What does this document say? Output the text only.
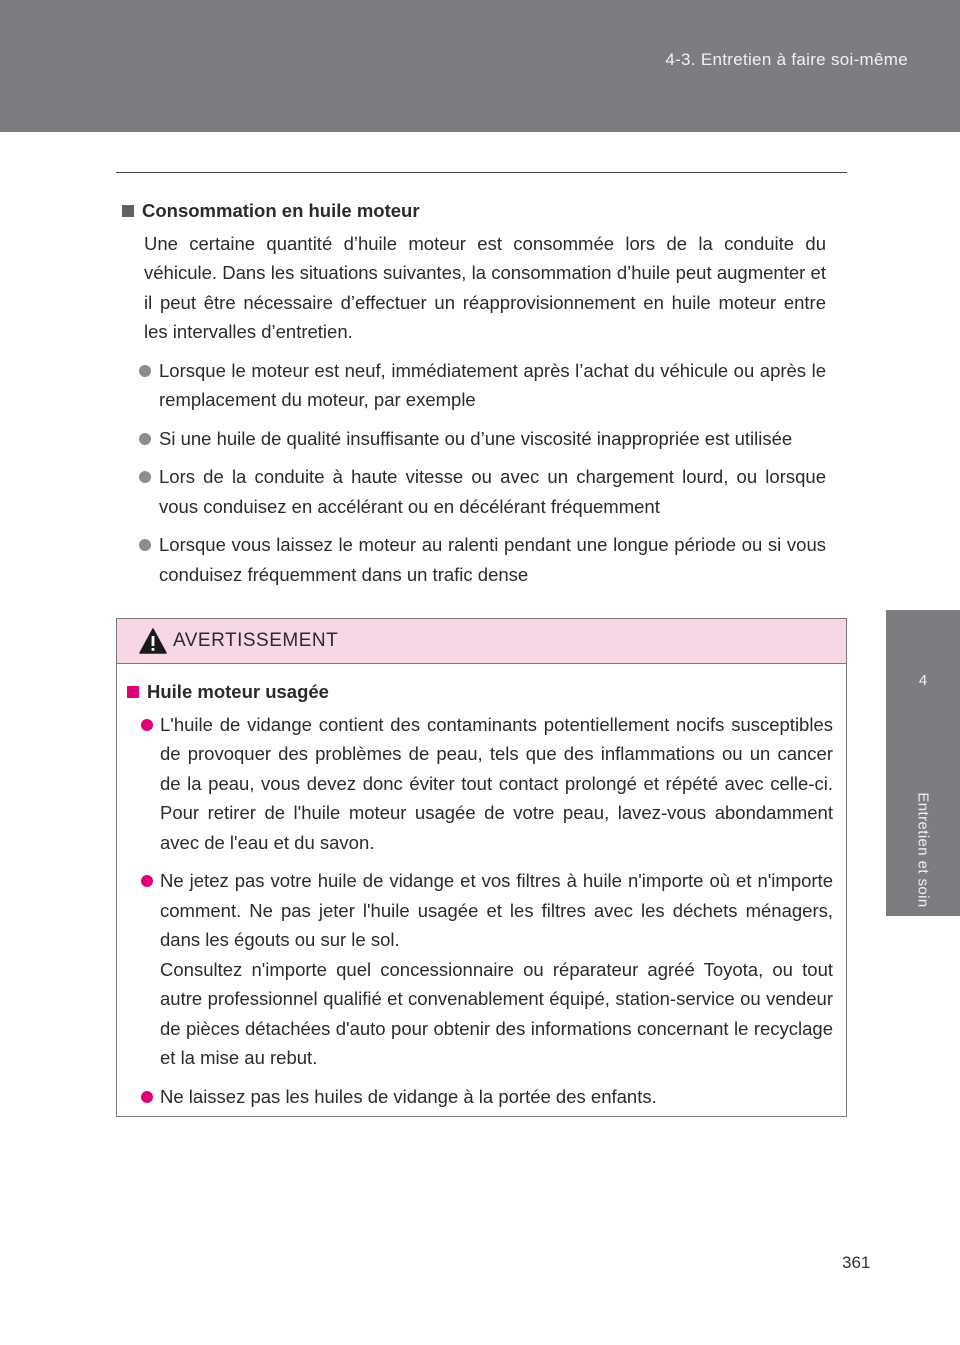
4-3. Entretien à faire soi-même
4
Entretien et soin
Consommation en huile moteur
Une certaine quantité d’huile moteur est consommée lors de la conduite du véhicule. Dans les situations suivantes, la consommation d’huile peut augmenter et il peut être nécessaire d’effectuer un réapprovisionnement en huile moteur entre les intervalles d’entretien.
Lorsque le moteur est neuf, immédiatement après l’achat du véhicule ou après le remplacement du moteur, par exemple
Si une huile de qualité insuffisante ou d’une viscosité inappropriée est utilisée
Lors de la conduite à haute vitesse ou avec un chargement lourd, ou lorsque vous conduisez en accélérant ou en décélérant fréquemment
Lorsque vous laissez le moteur au ralenti pendant une longue période ou si vous conduisez fréquemment dans un trafic dense
AVERTISSEMENT
Huile moteur usagée
L'huile de vidange contient des contaminants potentiellement nocifs susceptibles de provoquer des problèmes de peau, tels que des inflammations ou un cancer de la peau, vous devez donc éviter tout contact prolongé et répété avec celle-ci. Pour retirer de l'huile moteur usagée de votre peau, lavez-vous abondamment avec de l'eau et du savon.
Ne jetez pas votre huile de vidange et vos filtres à huile n'importe où et n'importe comment. Ne pas jeter l'huile usagée et les filtres avec les déchets ménagers, dans les égouts ou sur le sol.
Consultez n'importe quel concessionnaire ou réparateur agréé Toyota, ou tout autre professionnel qualifié et convenablement équipé, station-service ou vendeur de pièces détachées d'auto pour obtenir des informations concernant le recyclage et la mise au rebut.
Ne laissez pas les huiles de vidange à la portée des enfants.
361
